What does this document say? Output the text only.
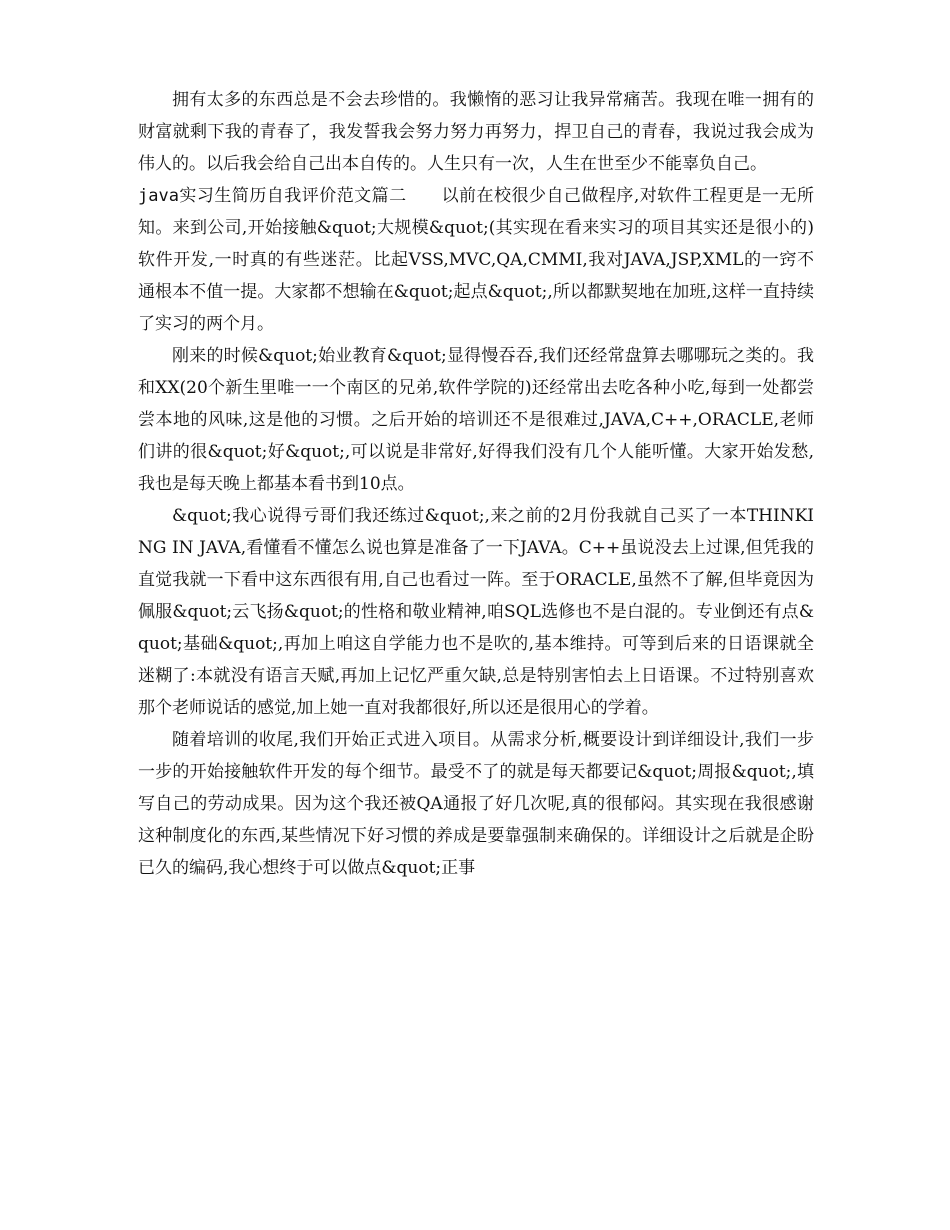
拥有太多的东西总是不会去珍惜的。我懒惰的恶习让我异常痛苦。我现在唯一拥有的财富就剩下我的青春了，我发誓我会努力努力再努力，捍卫自己的青春，我说过我会成为伟人的。以后我会给自己出本自传的。人生只有一次，人生在世至少不能辜负自己。

java实习生简历自我评价范文篇二　　以前在校很少自己做程序,对软件工程更是一无所知。来到公司,开始接触&quot;大规模&quot;(其实现在看来实习的项目其实还是很小的)软件开发,一时真的有些迷茫。比起VSS,MVC,QA,CMMI,我对JAVA,JSP,XML的一窍不通根本不值一提。大家都不想输在&quot;起点&quot;,所以都默契地在加班,这样一直持续了实习的两个月。

刚来的时候&quot;始业教育&quot;显得慢吞吞,我们还经常盘算去哪哪玩之类的。我和XX(20个新生里唯一一个南区的兄弟,软件学院的)还经常出去吃各种小吃,每到一处都尝尝本地的风味,这是他的习惯。之后开始的培训还不是很难过,JAVA,C++,ORACLE,老师们讲的很&quot;好&quot;,可以说是非常好,好得我们没有几个人能听懂。大家开始发愁,我也是每天晚上都基本看书到10点。

&quot;我心说得亏哥们我还练过&quot;,来之前的2月份我就自己买了一本THINKING IN JAVA,看懂看不懂怎么说也算是准备了一下JAVA。C++虽说没去上过课,但凭我的直觉我就一下看中这东西很有用,自己也看过一阵。至于ORACLE,虽然不了解,但毕竟因为佩服&quot;云飞扬&quot;的性格和敬业精神,咱SQL选修也不是白混的。专业倒还有点&quot;基础&quot;,再加上咱这自学能力也不是吹的,基本维持。可等到后来的日语课就全迷糊了:本就没有语言天赋,再加上记忆严重欠缺,总是特别害怕去上日语课。不过特别喜欢那个老师说话的感觉,加上她一直对我都很好,所以还是很用心的学着。

随着培训的收尾,我们开始正式进入项目。从需求分析,概要设计到详细设计,我们一步一步的开始接触软件开发的每个细节。最受不了的就是每天都要记&quot;周报&quot;,填写自己的劳动成果。因为这个我还被QA通报了好几次呢,真的很郁闷。其实现在我很感谢这种制度化的东西,某些情况下好习惯的养成是要靠强制来确保的。详细设计之后就是企盼已久的编码,我心想终于可以做点&quot;正事
